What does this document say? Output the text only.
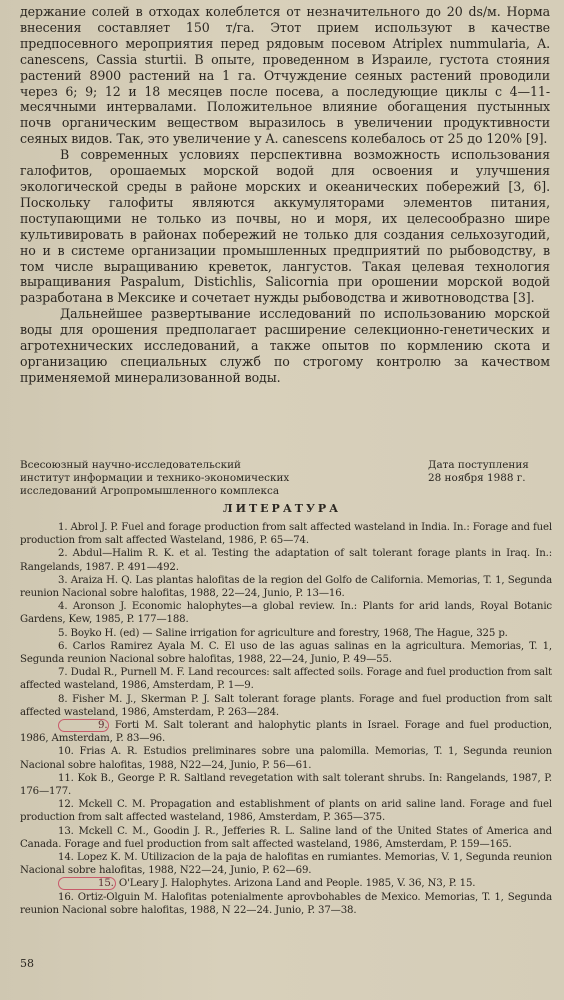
держание солей в отходах колеблется от незначительного до 20 ds/м. Норма внесения составляет 150 т/га. Этот прием используют в качестве предпосевного мероприятия перед рядовым посевом Atriplex nummularia, A. canescens, Cassia sturtii. В опыте, проведенном в Израиле, густота стояния растений 8900 растений на 1 га. Отчуждение сеяных растений проводили через 6; 9; 12 и 18 месяцев после посева, а последующие циклы с 4—11-месячными интервалами. Положительное влияние обогащения пустынных почв органическим веществом выразилось в увеличении продуктивности сеяных видов. Так, это увеличение у A. canescens колебалось от 25 до 120% [9].

В современных условиях перспективна возможность использования галофитов, орошаемых морской водой для освоения и улучшения экологической среды в районе морских и океанических побережий [3, 6]. Поскольку галофиты являются аккумуляторами элементов питания, поступающими не только из почвы, но и моря, их целесообразно шире культивировать в районах побережий не только для создания сельхозугодий, но и в системе организации промышленных предприятий по рыбоводству, в том числе выращиванию креветок, лангустов. Такая целевая технология выращивания Paspalum, Distichlis, Salicornia при орошении морской водой разработана в Мексике и сочетает нужды рыбоводства и животноводства [3].

Дальнейшее развертывание исследований по использованию морской воды для орошения предполагает расширение селекционно-генетических и агротехнических исследований, а также опытов по кормлению скота и организацию специальных служб по строгому контролю за качеством применяемой минерализованной воды.

Всесоюзный научно-исследовательский
институт информации и технико-экономических
исследований Агропромышленного комплекса
Дата поступления
28 ноября 1988 г.
ЛИТЕРАТУРА

1. Abrol J. P. Fuel and forage production from salt affected wasteland in India. In.: Forage and fuel production from salt affected Wasteland, 1986, P. 65—74.

2. Abdul—Halim R. K. et al. Testing the adaptation of salt tolerant forage plants in Iraq. In.: Rangelands, 1987. P. 491—492.

3. Araiza H. Q. Las plantas halofitas de la region del Golfo de California. Memorias, T. 1, Segunda reunion Nacional sobre halofitas, 1988, 22—24, Junio, P. 13—16.

4. Aronson J. Economic halophytes—a global review. In.: Plants for arid lands, Royal Botanic Gardens, Kew, 1985, P. 177—188.

5. Boyko H. (ed) — Saline irrigation for agriculture and forestry, 1968, The Hague, 325 p.

6. Carlos Ramirez Ayala M. C. El uso de las aguas salinas en la agricultura. Memorias, T. 1, Segunda reunion Nacional sobre halofitas, 1988, 22—24, Junio, P. 49—55.

7. Dudal R., Purnell M. F. Land recources: salt affected soils. Forage and fuel production from salt affected wasteland, 1986, Amsterdam, P. 1—9.

8. Fisher M. J., Skerman P. J. Salt tolerant forage plants. Forage and fuel production from salt affected wasteland, 1986, Amsterdam, P. 263—284.

9. Forti M. Salt tolerant and halophytic plants in Israel. Forage and fuel production, 1986, Amsterdam, P. 83—96.

10. Frias A. R. Estudios preliminares sobre una palomilla. Memorias, T. 1, Segunda reunion Nacional sobre halofitas, 1988, N22—24, Junio, P. 56—61.

11. Kok B., George P. R. Saltland revegetation with salt tolerant shrubs. In: Rangelands, 1987, P. 176—177.

12. Mckell C. M. Propagation and establishment of plants on arid saline land. Forage and fuel production from salt affected wasteland, 1986, Amsterdam, P. 365—375.

13. Mckell C. M., Goodin J. R., Jefferies R. L. Saline land of the United States of America and Canada. Forage and fuel production from salt affected wasteland, 1986, Amsterdam, P. 159—165.

14. Lopez K. M. Utilizacion de la paja de halofitas en rumiantes. Memorias, V. 1, Segunda reunion Nacional sobre halofitas, 1988, N22—24, Junio, P. 62—69.

15. O'Leary J. Halophytes. Arizona Land and People. 1985, V. 36, N3, P. 15.

16. Ortiz-Olguin M. Halofitas potenialmente aprovbohables de Mexico. Memorias, T. 1, Segunda reunion Nacional sobre halofitas, 1988, N 22—24. Junio, P. 37—38.

58
